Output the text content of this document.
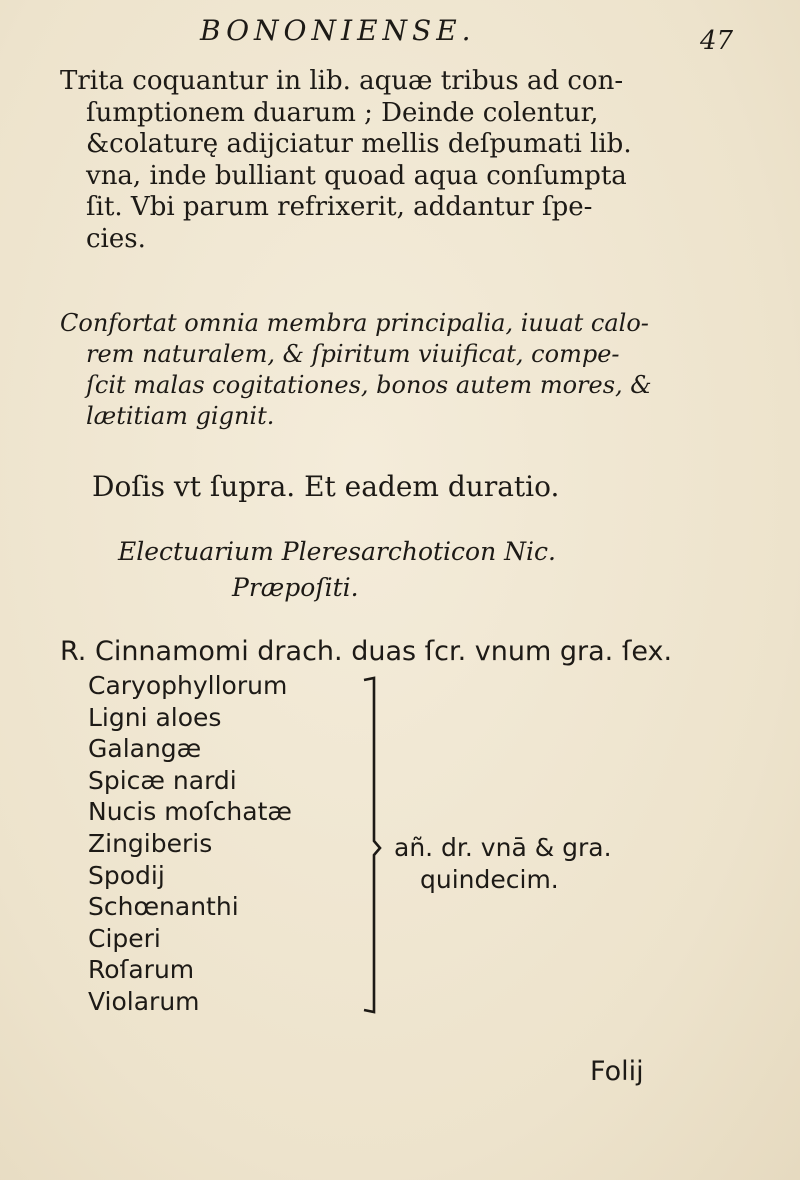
BONONIENSE.	47
Trita coquantur in lib. aquæ tribus ad con-
ſumptionem duarum ; Deinde colentur,
&colaturę adijciatur mellis deſpumati lib.
vna, inde bulliant quoad aqua conſumpta
ſit. Vbi parum refrixerit, addantur ſpe-
cies.
Confortat omnia membra principalia, iuuat calo-
rem naturalem, & ſpiritum viuificat, compe-
ſcit malas cogitationes, bonos autem mores, &
lætitiam gignit.
Doſis vt ſupra. Et eadem duratio.
Electuarium Pleresarchoticon Nic.
Præpoſiti.
R. Cinnamomi drach. duas ſcr. vnum gra. ſex.
Caryophyllorum
Ligni aloes
Galangæ
Spicæ nardi
Nucis moſchatæ
Zingiberis
Spodij
Schœnanthi
Ciperi
Roſarum
Violarum
añ. dr. vnā & gra.
quindecim.
Folij
